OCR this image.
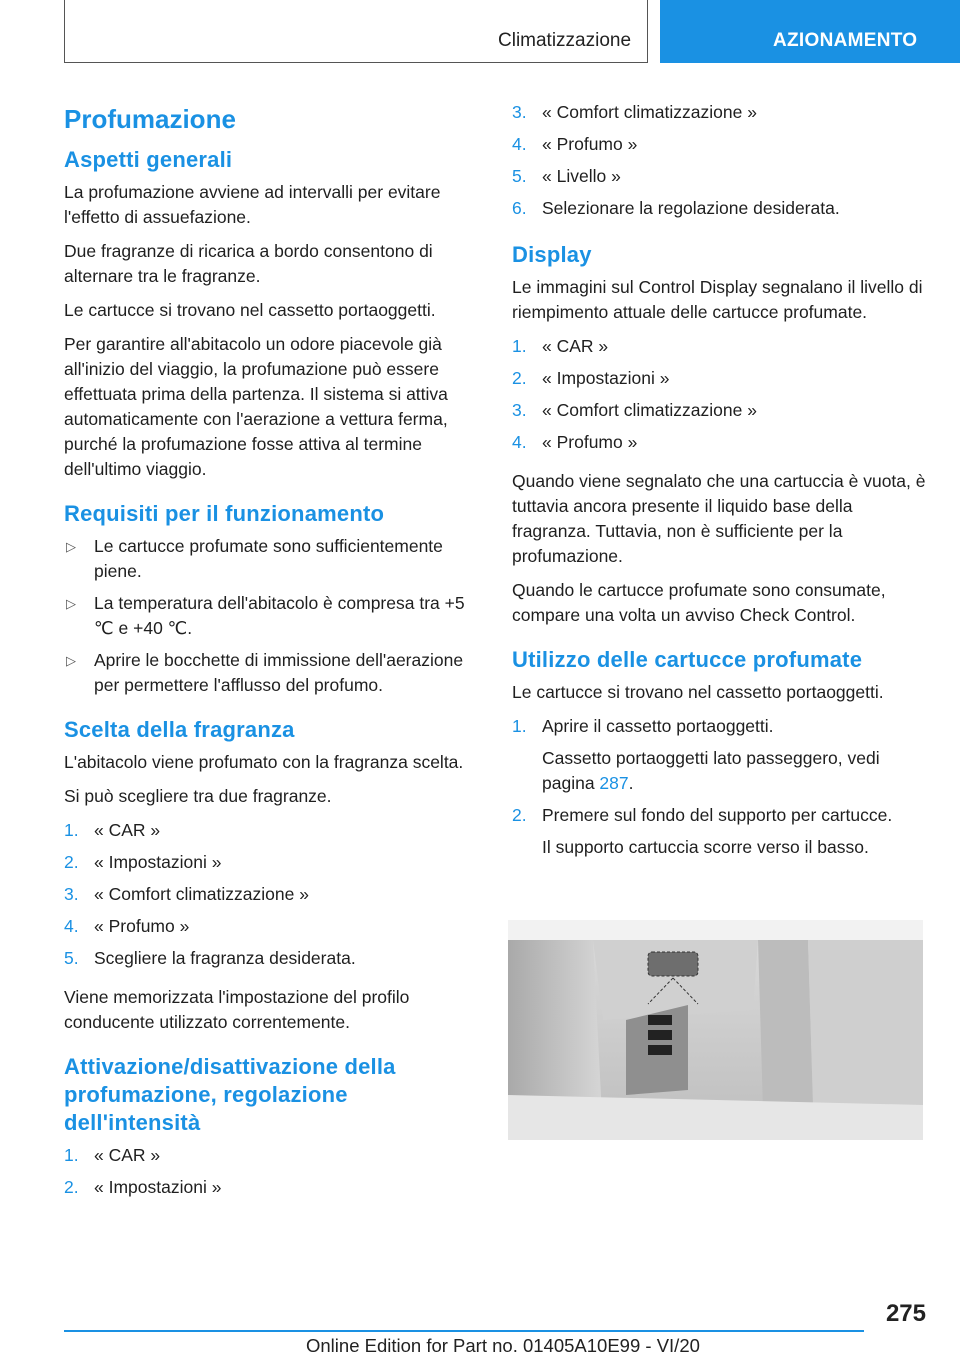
Climatizzazione	AZIONAMENTO
Profumazione
Aspetti generali

La profumazione avviene ad intervalli per evitare l'effetto di assuefazione.

Due fragranze di ricarica a bordo consentono di alternare tra le fragranze.

Le cartucce si trovano nel cassetto portaoggetti.

Per garantire all'abitacolo un odore piacevole già all'inizio del viaggio, la profumazione può essere effettuata prima della partenza. Il sistema si attiva automaticamente con l'aerazione a vettura ferma, purché la profumazione fosse attiva al termine dell'ultimo viaggio.

Requisiti per il funzionamento
▷ Le cartucce profumate sono sufficientemente piene.
▷ La temperatura dell'abitacolo è compresa tra +5 ℃ e +40 ℃.
▷ Aprire le bocchette di immissione dell'aerazione per permettere l'afflusso del profumo.
Scelta della fragranza

L'abitacolo viene profumato con la fragranza scelta.

Si può scegliere tra due fragranze.

1. « CAR »
2. « Impostazioni »
3. « Comfort climatizzazione »
4. « Profumo »
5. Scegliere la fragranza desiderata.

Viene memorizzata l'impostazione del profilo conducente utilizzato correntemente.

Attivazione/disattivazione della profumazione, regolazione dell'intensità
1. « CAR »
2. « Impostazioni »
3. « Comfort climatizzazione »
4. « Profumo »
5. « Livello »
6. Selezionare la regolazione desiderata.
Display

Le immagini sul Control Display segnalano il livello di riempimento attuale delle cartucce profumate.

1. « CAR »
2. « Impostazioni »
3. « Comfort climatizzazione »
4. « Profumo »

Quando viene segnalato che una cartuccia è vuota, è tuttavia ancora presente il liquido base della fragranza. Tuttavia, non è sufficiente per la profumazione.

Quando le cartucce profumate sono consumate, compare una volta un avviso Check Control.

Utilizzo delle cartucce profumate

Le cartucce si trovano nel cassetto portaoggetti.

1. Aprire il cassetto portaoggetti.
Cassetto portaoggetti lato passeggero, vedi pagina 287.
2. Premere sul fondo del supporto per cartucce.
Il supporto cartuccia scorre verso il basso.
275
Online Edition for Part no. 01405A10E99 - VI/20
